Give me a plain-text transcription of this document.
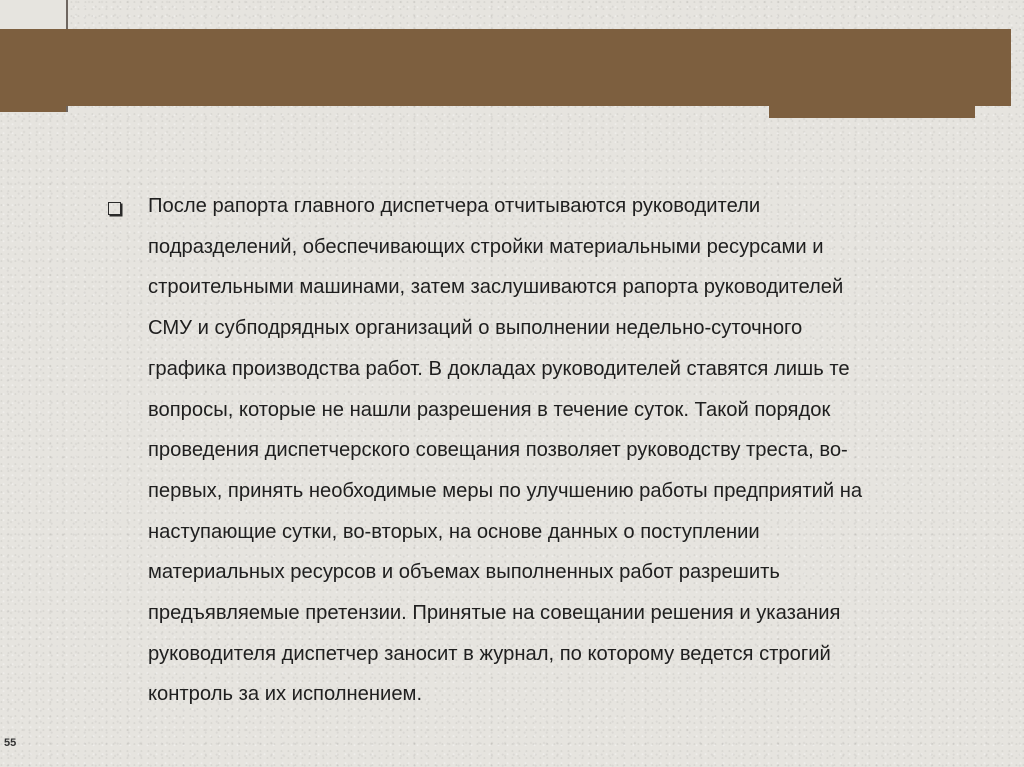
После рапорта главного диспетчера отчитываются руководители
подразделений, обеспечивающих стройки материальными ресурсами и
строительными машинами, затем заслушиваются рапорта руководителей
СМУ и субподрядных организаций о выполнении недельно-суточного
графика производства работ. В докладах руководителей ставятся лишь те
вопросы, которые не нашли разрешения в течение суток. Такой порядок
проведения диспетчерского совещания позволяет руководству треста, во-
первых, принять необходимые меры по улучшению работы предприятий на
наступающие сутки, во-вторых, на основе данных о поступлении
материальных ресурсов и объемах выполненных работ разрешить
предъявляемые претензии. Принятые на совещании решения и указания
руководителя диспетчер заносит в журнал, по которому ведется строгий
контроль за их исполнением.

55
